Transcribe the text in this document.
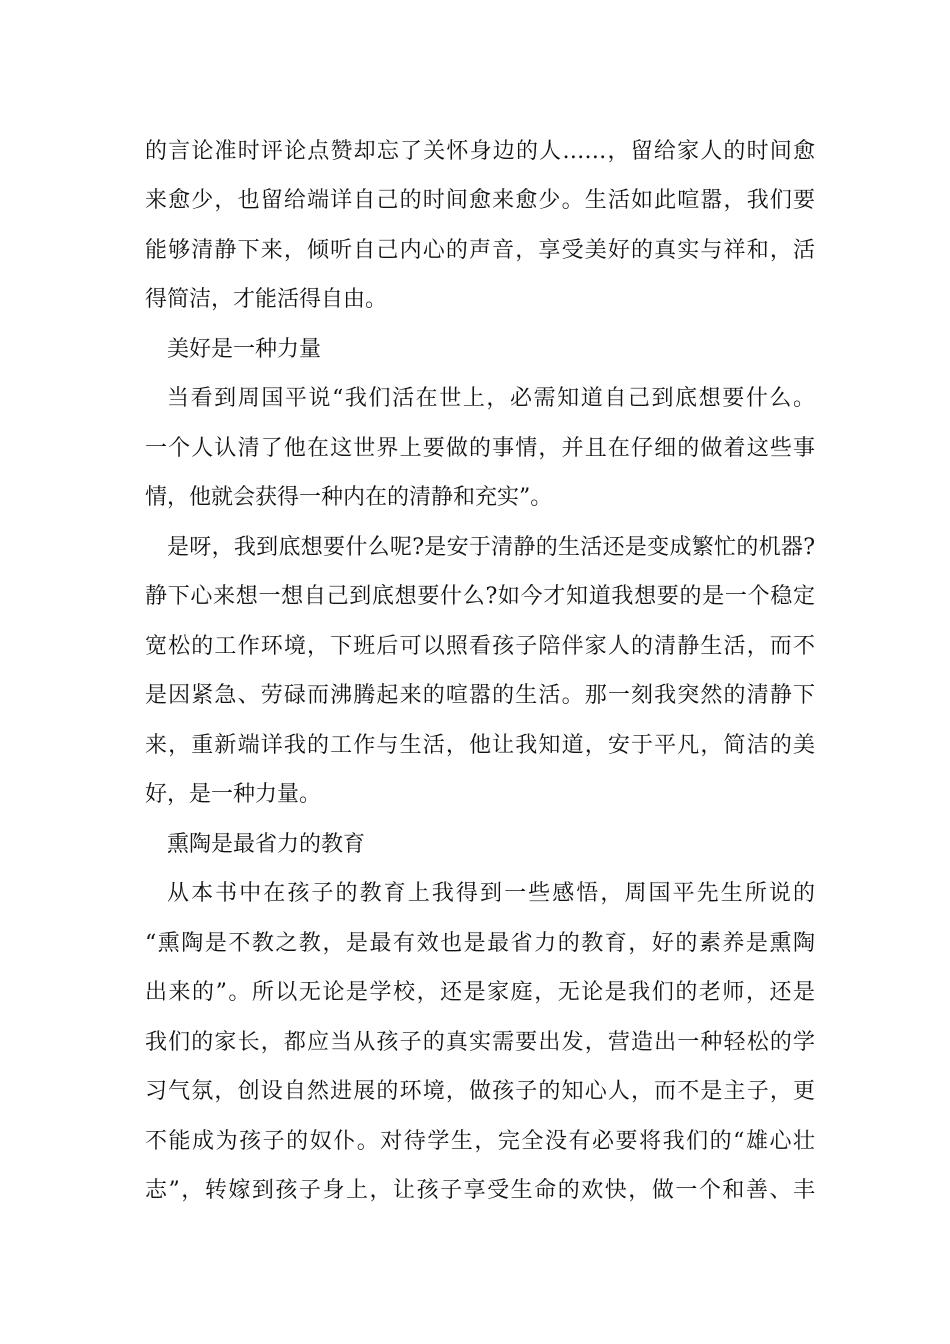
的言论准时评论点赞却忘了关怀身边的人……，留给家人的时间愈
来愈少，也留给端详自己的时间愈来愈少。生活如此喧嚣，我们要
能够清静下来，倾听自己内心的声音，享受美好的真实与祥和，活
得简洁，才能活得自由。
美好是一种力量
当看到周国平说“我们活在世上，必需知道自己到底想要什么。
一个人认清了他在这世界上要做的事情，并且在仔细的做着这些事
情，他就会获得一种内在的清静和充实”。
是呀，我到底想要什么呢?是安于清静的生活还是变成繁忙的机器?
静下心来想一想自己到底想要什么?如今才知道我想要的是一个稳定
宽松的工作环境，下班后可以照看孩子陪伴家人的清静生活，而不
是因紧急、劳碌而沸腾起来的喧嚣的生活。那一刻我突然的清静下
来，重新端详我的工作与生活，他让我知道，安于平凡，简洁的美
好，是一种力量。
熏陶是最省力的教育
从本书中在孩子的教育上我得到一些感悟，周国平先生所说的
“熏陶是不教之教，是最有效也是最省力的教育，好的素养是熏陶
出来的”。所以无论是学校，还是家庭，无论是我们的老师，还是
我们的家长，都应当从孩子的真实需要出发，营造出一种轻松的学
习气氛，创设自然进展的环境，做孩子的知心人，而不是主子，更
不能成为孩子的奴仆。对待学生，完全没有必要将我们的“雄心壮
志”，转嫁到孩子身上，让孩子享受生命的欢快，做一个和善、丰
